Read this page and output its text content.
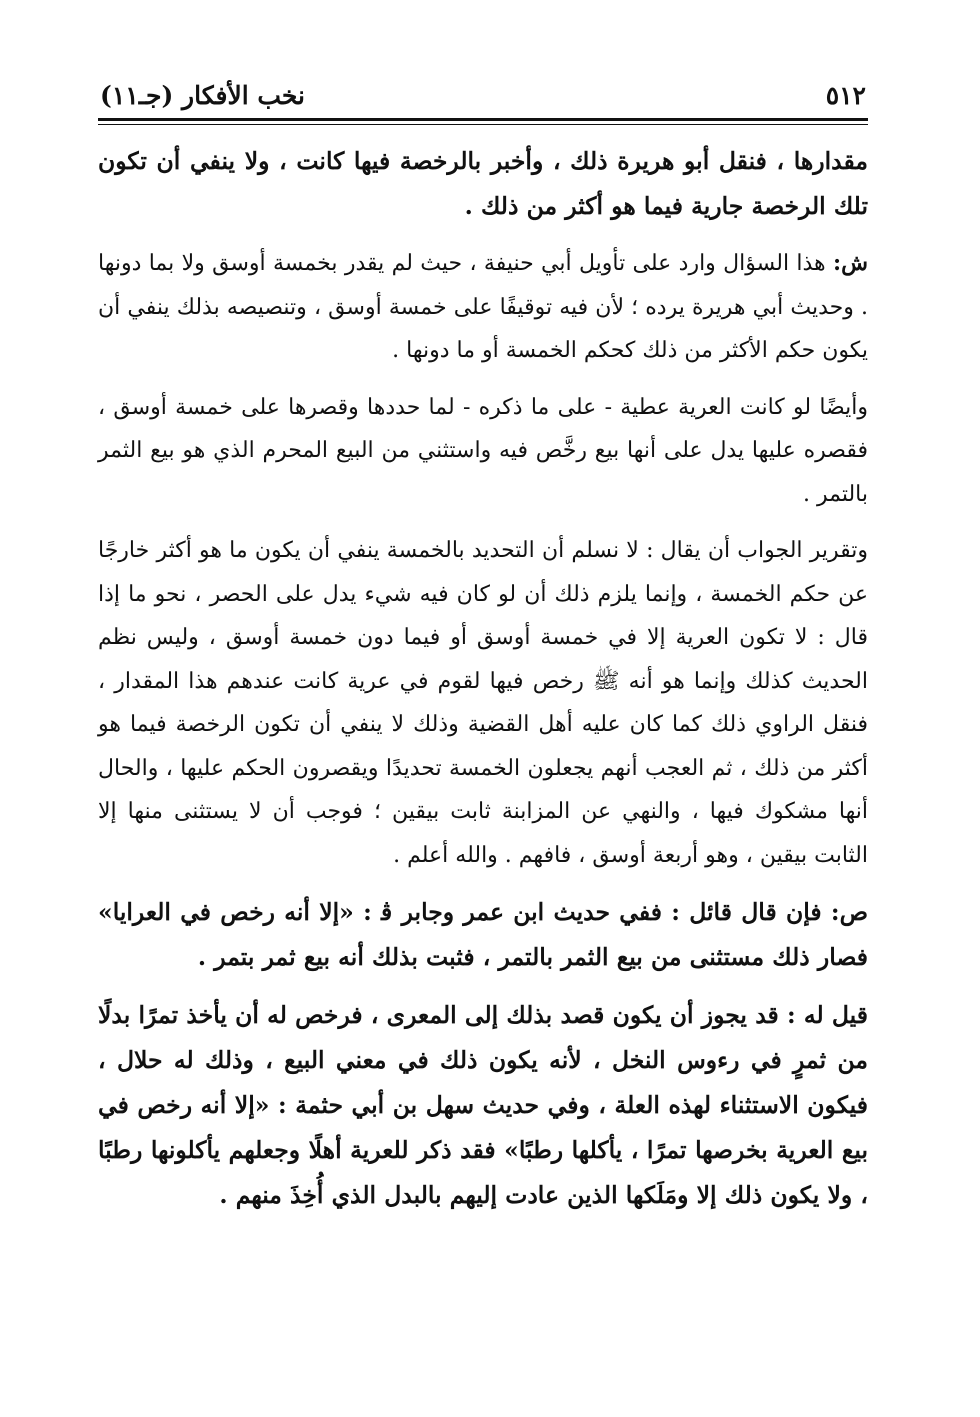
٥١٢
نخب الأفكار (جـ١١)

مقدارها ، فنقل أبو هريرة ذلك ، وأخبر بالرخصة فيها كانت ، ولا ينفي أن تكون تلك الرخصة جارية فيما هو أكثر من ذلك .

ش: هذا السؤال وارد على تأويل أبي حنيفة ، حيث لم يقدر بخمسة أوسق ولا بما دونها . وحديث أبي هريرة يرده ؛ لأن فيه توقيفًا على خمسة أوسق ، وتنصيصه بذلك ينفي أن يكون حكم الأكثر من ذلك كحكم الخمسة أو ما دونها .

وأيضًا لو كانت العرية عطية - على ما ذكره - لما حددها وقصرها على خمسة أوسق ، فقصره عليها يدل على أنها بيع رخَّص فيه واستثني من البيع المحرم الذي هو بيع الثمر بالتمر .

وتقرير الجواب أن يقال : لا نسلم أن التحديد بالخمسة ينفي أن يكون ما هو أكثر خارجًا عن حكم الخمسة ، وإنما يلزم ذلك أن لو كان فيه شيء يدل على الحصر ، نحو ما إذا قال : لا تكون العرية إلا في خمسة أوسق أو فيما دون خمسة أوسق ، وليس نظم الحديث كذلك وإنما هو أنه ﷺ رخص فيها لقوم في عرية كانت عندهم هذا المقدار ، فنقل الراوي ذلك كما كان عليه أهل القضية وذلك لا ينفي أن تكون الرخصة فيما هو أكثر من ذلك ، ثم العجب أنهم يجعلون الخمسة تحديدًا ويقصرون الحكم عليها ، والحال أنها مشكوك فيها ، والنهي عن المزابنة ثابت بيقين ؛ فوجب أن لا يستثنى منها إلا الثابت بيقين ، وهو أربعة أوسق ، فافهم . والله أعلم .

ص: فإن قال قائل : ففي حديث ابن عمر وجابر ﭬ : «إلا أنه رخص في العرايا» فصار ذلك مستثنى من بيع الثمر بالتمر ، فثبت بذلك أنه بيع ثمر بتمر .

قيل له : قد يجوز أن يكون قصد بذلك إلى المعرى ، فرخص له أن يأخذ تمرًا بدلًا من ثمرٍ في رءوس النخل ، لأنه يكون ذلك في معني البيع ، وذلك له حلال ، فيكون الاستثناء لهذه العلة ، وفي حديث سهل بن أبي حثمة : «إلا أنه رخص في بيع العرية بخرصها تمرًا ، يأكلها رطبًا» فقد ذكر للعرية أهلًا وجعلهم يأكلونها رطبًا ، ولا يكون ذلك إلا ومَلَكها الذين عادت إليهم بالبدل الذي أُخِذَ منهم .
